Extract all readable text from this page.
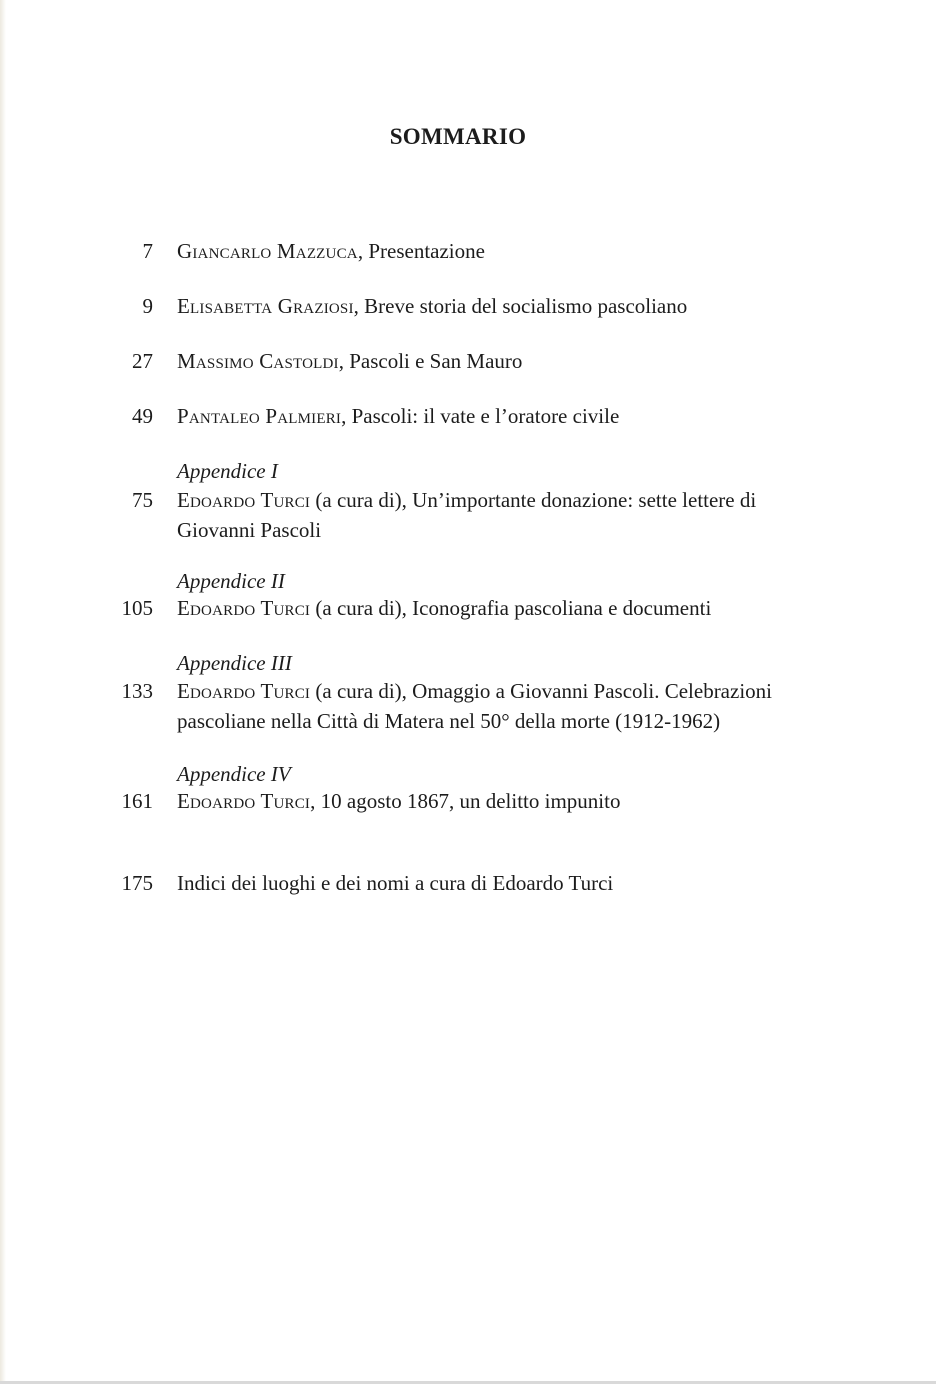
SOMMARIO
7 Giancarlo Mazzuca, Presentazione
9 Elisabetta Graziosi, Breve storia del socialismo pascoliano
27 Massimo Castoldi, Pascoli e San Mauro
49 Pantaleo Palmieri, Pascoli: il vate e l’oratore civile
Appendice I
75 Edoardo Turci (a cura di), Un’importante donazione: sette lettere di Giovanni Pascoli
Appendice II
105 Edoardo Turci (a cura di), Iconografia pascoliana e documenti
Appendice III
133 Edoardo Turci (a cura di), Omaggio a Giovanni Pascoli. Celebrazioni pascoliane nella Città di Matera nel 50° della morte (1912-1962)
Appendice IV
161 Edoardo Turci, 10 agosto 1867, un delitto impunito
175 Indici dei luoghi e dei nomi a cura di Edoardo Turci
